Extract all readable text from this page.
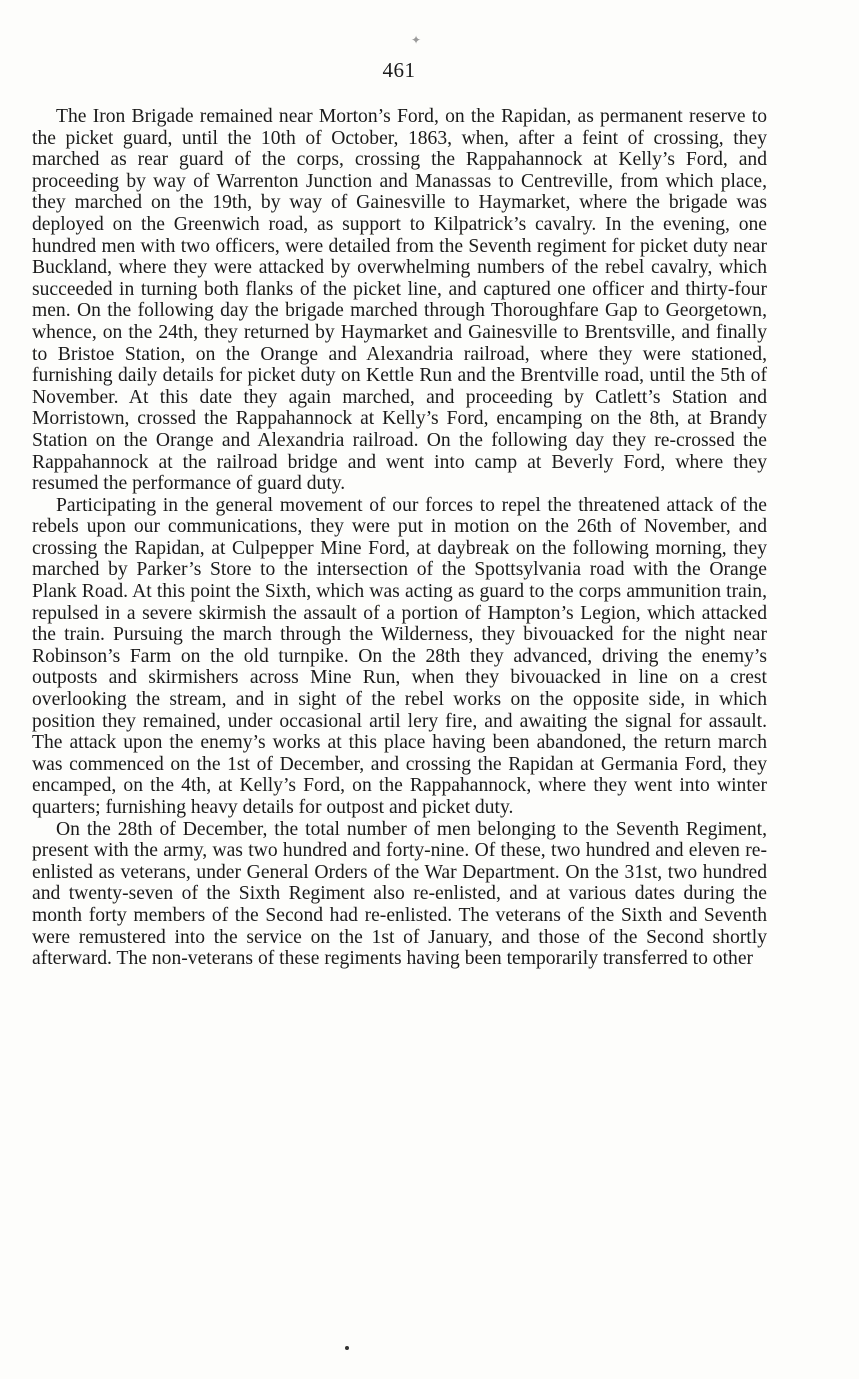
✦
461

The Iron Brigade remained near Morton’s Ford, on the Rapidan, as permanent reserve to the picket guard, until the 10th of October, 1863, when, after a feint of crossing, they marched as rear guard of the corps, crossing the Rappahannock at Kelly’s Ford, and proceeding by way of Warrenton Junction and Manassas to Centreville, from which place, they marched on the 19th, by way of Gainesville to Haymarket, where the brigade was deployed on the Greenwich road, as support to Kilpatrick’s cavalry. In the evening, one hundred men with two officers, were detailed from the Seventh regiment for picket duty near Buckland, where they were attacked by overwhelming numbers of the rebel cavalry, which succeeded in turning both flanks of the picket line, and captured one officer and thirty-four men. On the following day the brigade marched through Thoroughfare Gap to Georgetown, whence, on the 24th, they returned by Haymarket and Gainesville to Brentsville, and finally to Bristoe Station, on the Orange and Alexandria railroad, where they were stationed, furnishing daily details for picket duty on Kettle Run and the Brentville road, until the 5th of November. At this date they again marched, and proceeding by Catlett’s Station and Morristown, crossed the Rappahannock at Kelly’s Ford, encamping on the 8th, at Brandy Station on the Orange and Alexandria railroad. On the following day they re-crossed the Rappahannock at the railroad bridge and went into camp at Beverly Ford, where they resumed the performance of guard duty.

Participating in the general movement of our forces to repel the threatened attack of the rebels upon our communications, they were put in motion on the 26th of November, and crossing the Rapidan, at Culpepper Mine Ford, at daybreak on the following morning, they marched by Parker’s Store to the intersection of the Spottsylvania road with the Orange Plank Road. At this point the Sixth, which was acting as guard to the corps ammunition train, repulsed in a severe skirmish the assault of a portion of Hampton’s Legion, which attacked the train. Pursuing the march through the Wilderness, they bivouacked for the night near Robinson’s Farm on the old turnpike. On the 28th they advanced, driving the enemy’s outposts and skirmishers across Mine Run, when they bivouacked in line on a crest overlooking the stream, and in sight of the rebel works on the opposite side, in which position they remained, under occasional artil lery fire, and awaiting the signal for assault. The attack upon the enemy’s works at this place having been abandoned, the return march was commenced on the 1st of December, and crossing the Rapidan at Germania Ford, they encamped, on the 4th, at Kelly’s Ford, on the Rappahannock, where they went into winter quarters; furnishing heavy details for outpost and picket duty.

On the 28th of December, the total number of men belonging to the Seventh Regiment, present with the army, was two hundred and forty-nine. Of these, two hundred and eleven re-enlisted as veterans, under General Orders of the War Department. On the 31st, two hundred and twenty-seven of the Sixth Regiment also re-enlisted, and at various dates during the month forty members of the Second had re-enlisted. The veterans of the Sixth and Seventh were remustered into the service on the 1st of January, and those of the Second shortly afterward. The non-veterans of these regiments having been temporarily transferred to other
